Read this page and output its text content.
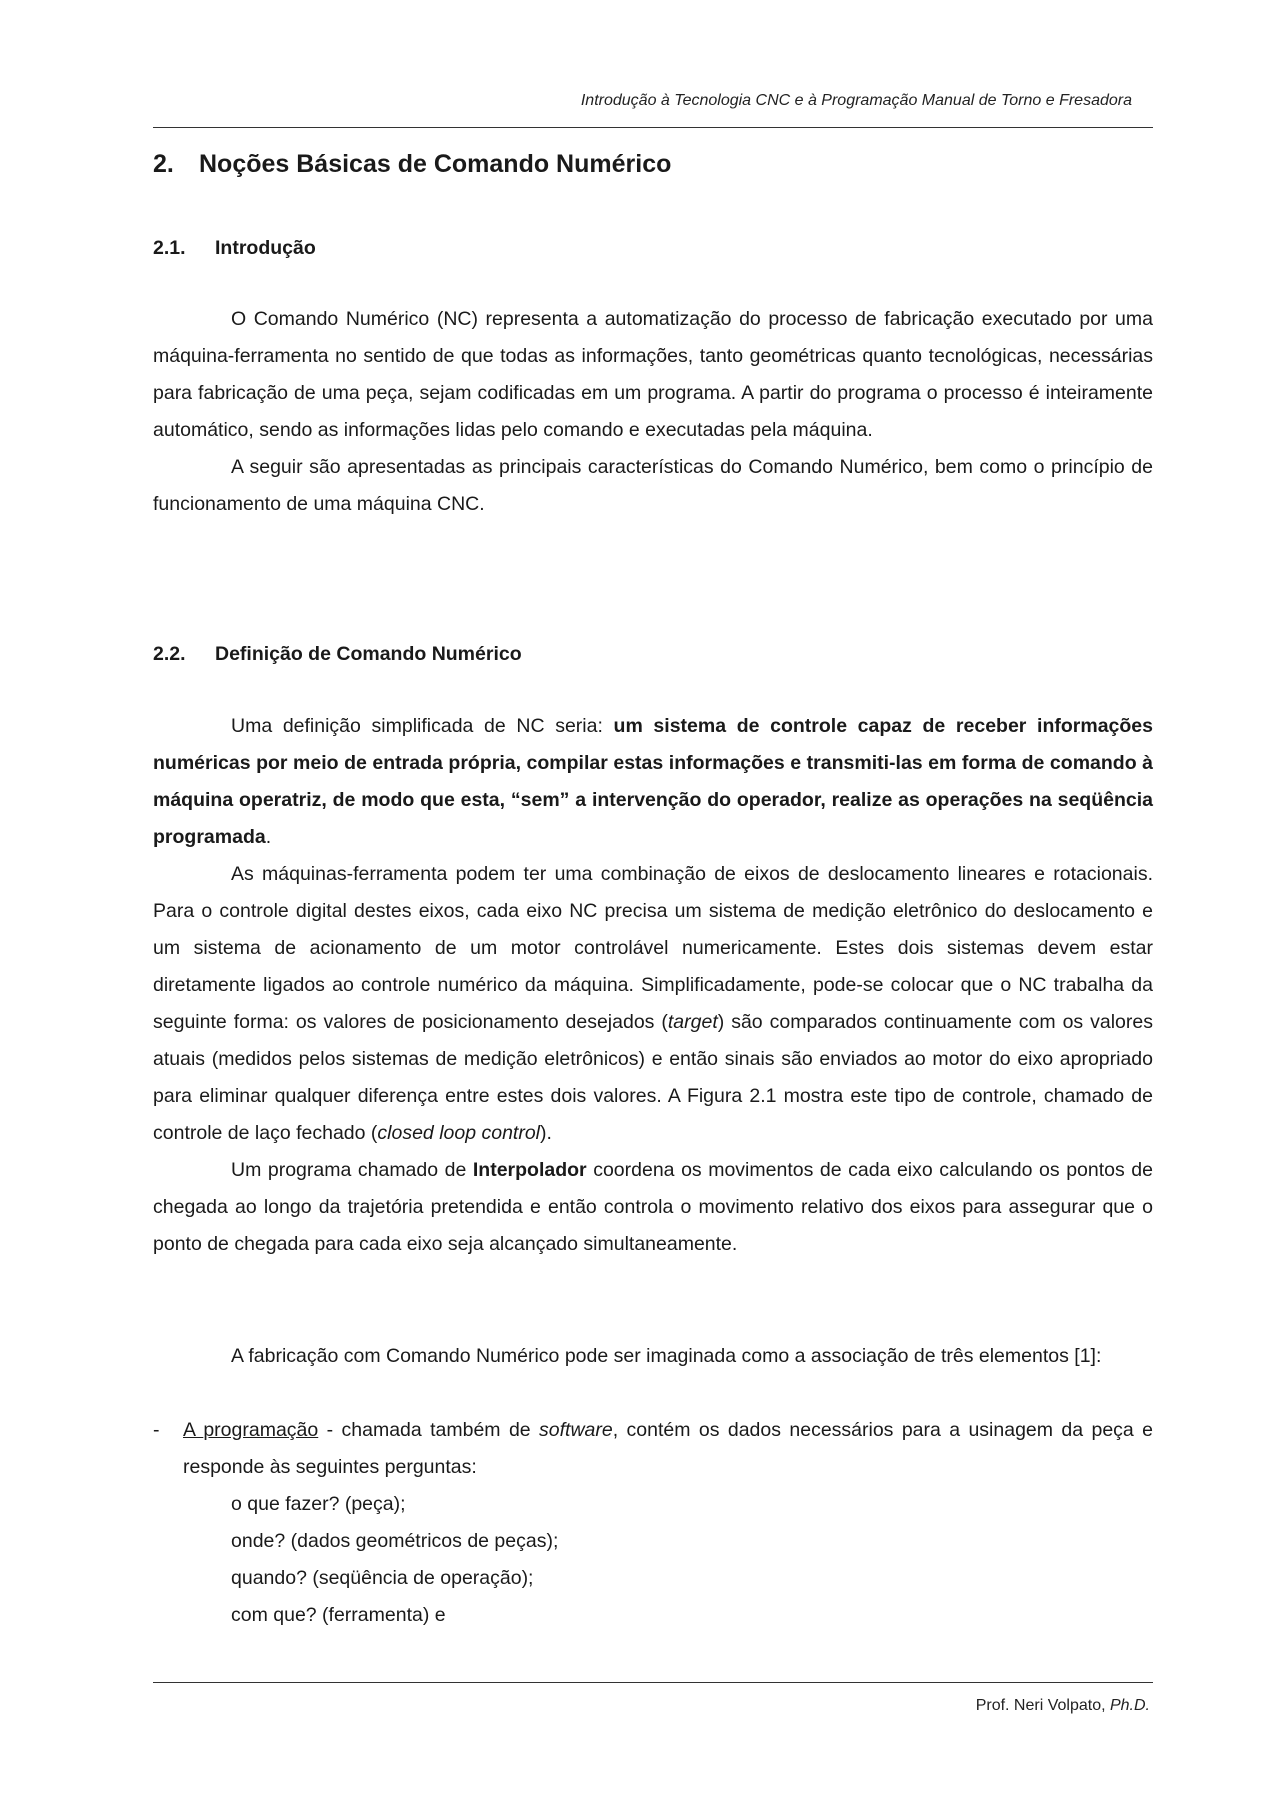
Introdução à Tecnologia CNC e à Programação Manual de Torno e Fresadora
2. Noções Básicas de Comando Numérico
2.1. Introdução

O Comando Numérico (NC) representa a automatização do processo de fabricação executado por uma máquina-ferramenta no sentido de que todas as informações, tanto geométricas quanto tecnológicas, necessárias para fabricação de uma peça, sejam codificadas em um programa. A partir do programa o processo é inteiramente automático, sendo as informações lidas pelo comando e executadas pela máquina.

A seguir são apresentadas as principais características do Comando Numérico, bem como o princípio de funcionamento de uma máquina CNC.

2.2. Definição de Comando Numérico

Uma definição simplificada de NC seria: um sistema de controle capaz de receber informações numéricas por meio de entrada própria, compilar estas informações e transmiti-las em forma de comando à máquina operatriz, de modo que esta, “sem” a intervenção do operador, realize as operações na seqüência programada.

As máquinas-ferramenta podem ter uma combinação de eixos de deslocamento lineares e rotacionais. Para o controle digital destes eixos, cada eixo NC precisa um sistema de medição eletrônico do deslocamento e um sistema de acionamento de um motor controlável numericamente. Estes dois sistemas devem estar diretamente ligados ao controle numérico da máquina. Simplificadamente, pode-se colocar que o NC trabalha da seguinte forma: os valores de posicionamento desejados (target) são comparados continuamente com os valores atuais (medidos pelos sistemas de medição eletrônicos) e então sinais são enviados ao motor do eixo apropriado para eliminar qualquer diferença entre estes dois valores. A Figura 2.1 mostra este tipo de controle, chamado de controle de laço fechado (closed loop control).

Um programa chamado de Interpolador coordena os movimentos de cada eixo calculando os pontos de chegada ao longo da trajetória pretendida e então controla o movimento relativo dos eixos para assegurar que o ponto de chegada para cada eixo seja alcançado simultaneamente.

A fabricação com Comando Numérico pode ser imaginada como a associação de três elementos [1]:

- A programação - chamada também de software, contém os dados necessários para a usinagem da peça e responde às seguintes perguntas:

o que fazer? (peça);

onde? (dados geométricos de peças);

quando? (seqüência de operação);

com que? (ferramenta) e

Prof. Neri Volpato, Ph.D.
